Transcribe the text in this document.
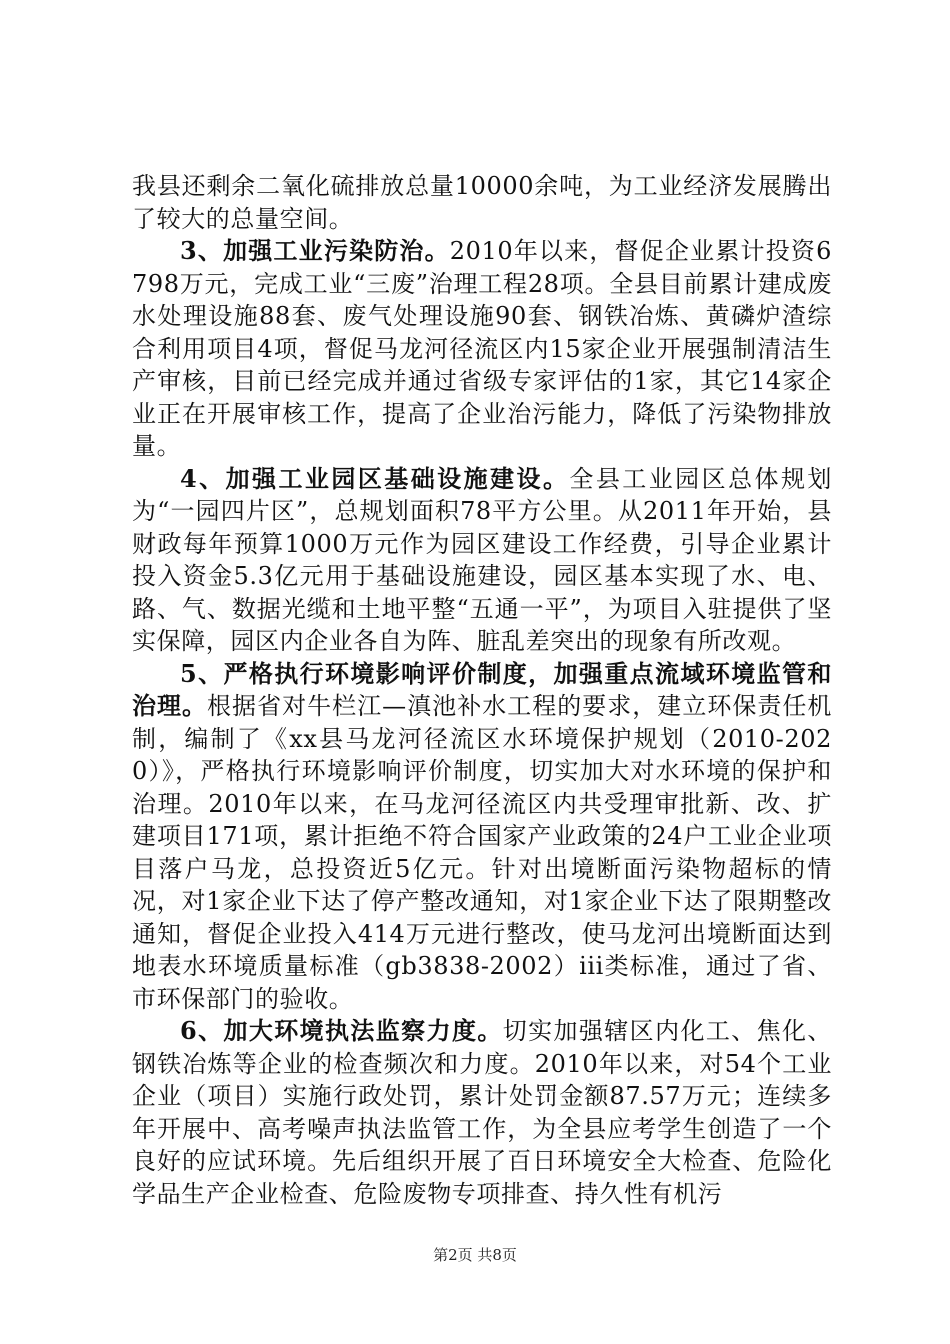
我县还剩余二氧化硫排放总量10000余吨，为工业经济发展腾出了较大的总量空间。

3、加强工业污染防治。2010年以来，督促企业累计投资6798万元，完成工业“三废”治理工程28项。全县目前累计建成废水处理设施88套、废气处理设施90套、钢铁冶炼、黄磷炉渣综合利用项目4项，督促马龙河径流区内15家企业开展强制清洁生产审核，目前已经完成并通过省级专家评估的1家，其它14家企业正在开展审核工作，提高了企业治污能力，降低了污染物排放量。

4、加强工业园区基础设施建设。全县工业园区总体规划为“一园四片区”，总规划面积78平方公里。从2011年开始，县财政每年预算1000万元作为园区建设工作经费，引导企业累计投入资金5.3亿元用于基础设施建设，园区基本实现了水、电、路、气、数据光缆和土地平整“五通一平”，为项目入驻提供了坚实保障，园区内企业各自为阵、脏乱差突出的现象有所改观。

5、严格执行环境影响评价制度，加强重点流域环境监管和治理。根据省对牛栏江—滇池补水工程的要求，建立环保责任机制，编制了《xx县马龙河径流区水环境保护规划（2010-2020）》，严格执行环境影响评价制度，切实加大对水环境的保护和治理。2010年以来，在马龙河径流区内共受理审批新、改、扩建项目171项，累计拒绝不符合国家产业政策的24户工业企业项目落户马龙，总投资近5亿元。针对出境断面污染物超标的情况，对1家企业下达了停产整改通知，对1家企业下达了限期整改通知，督促企业投入414万元进行整改，使马龙河出境断面达到地表水环境质量标准（gb3838-2002）iii类标准，通过了省、市环保部门的验收。

6、加大环境执法监察力度。切实加强辖区内化工、焦化、钢铁冶炼等企业的检查频次和力度。2010年以来，对54个工业企业（项目）实施行政处罚，累计处罚金额87.57万元；连续多年开展中、高考噪声执法监管工作，为全县应考学生创造了一个良好的应试环境。先后组织开展了百日环境安全大检查、危险化学品生产企业检查、危险废物专项排查、持久性有机污

第2页 共8页
